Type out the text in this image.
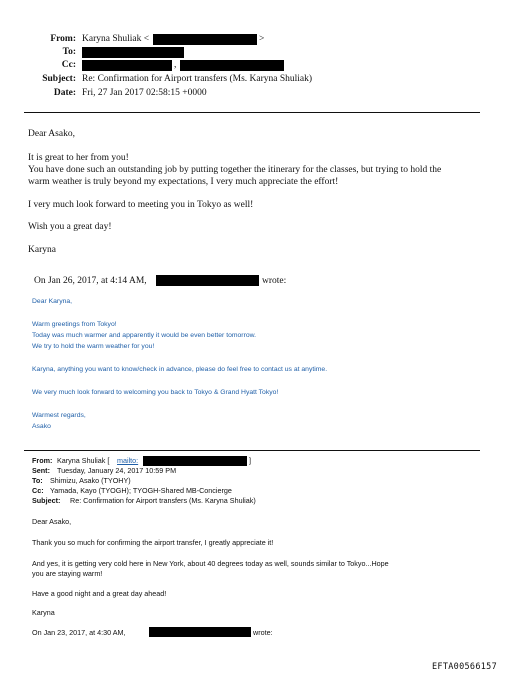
From: Karyna Shuliak <	>
To:
Cc:	,
Subject: Re: Confirmation for Airport transfers (Ms. Karyna Shuliak)
Date: Fri, 27 Jan 2017 02:58:15 +0000
Dear Asako,
It is great to her from you!
You have done such an outstanding job by putting together the itinerary for the classes, but trying to hold the
warm weather is truly beyond my expectations, I very much appreciate the effort!
I very much look forward to meeting you in Tokyo as well!
Wish you a great day!
Karyna
On Jan 26, 2017, at 4:14 AM,	wrote:
Dear Karyna,
Warm greetings from Tokyo!
Today was much warmer and apparently it would be even better tomorrow.
We try to hold the warm weather for you!
Karyna, anything you want to know/check in advance, please do feel free to contact us at anytime.
We very much look forward to welcoming you back to Tokyo & Grand Hyatt Tokyo!
Warmest regards,
Asako
From: Karyna Shuliak [ mailto:	]
Sent: Tuesday, January 24, 2017 10:59 PM
To: Shimizu, Asako (TYOHY)
Cc: Yamada, Kayo (TYOGH); TYOGH-Shared MB-Concierge
Subject: Re: Confirmation for Airport transfers (Ms. Karyna Shuliak)
Dear Asako,
Thank you so much for confirming the airport transfer, I greatly appreciate it!
And yes, it is getting very cold here in New York, about 40 degrees today as well, sounds similar to Tokyo...Hope
you are staying warm!
Have a good night and a great day ahead!
Karyna
On Jan 23, 2017, at 4:30 AM,	wrote:
EFTA00566157
